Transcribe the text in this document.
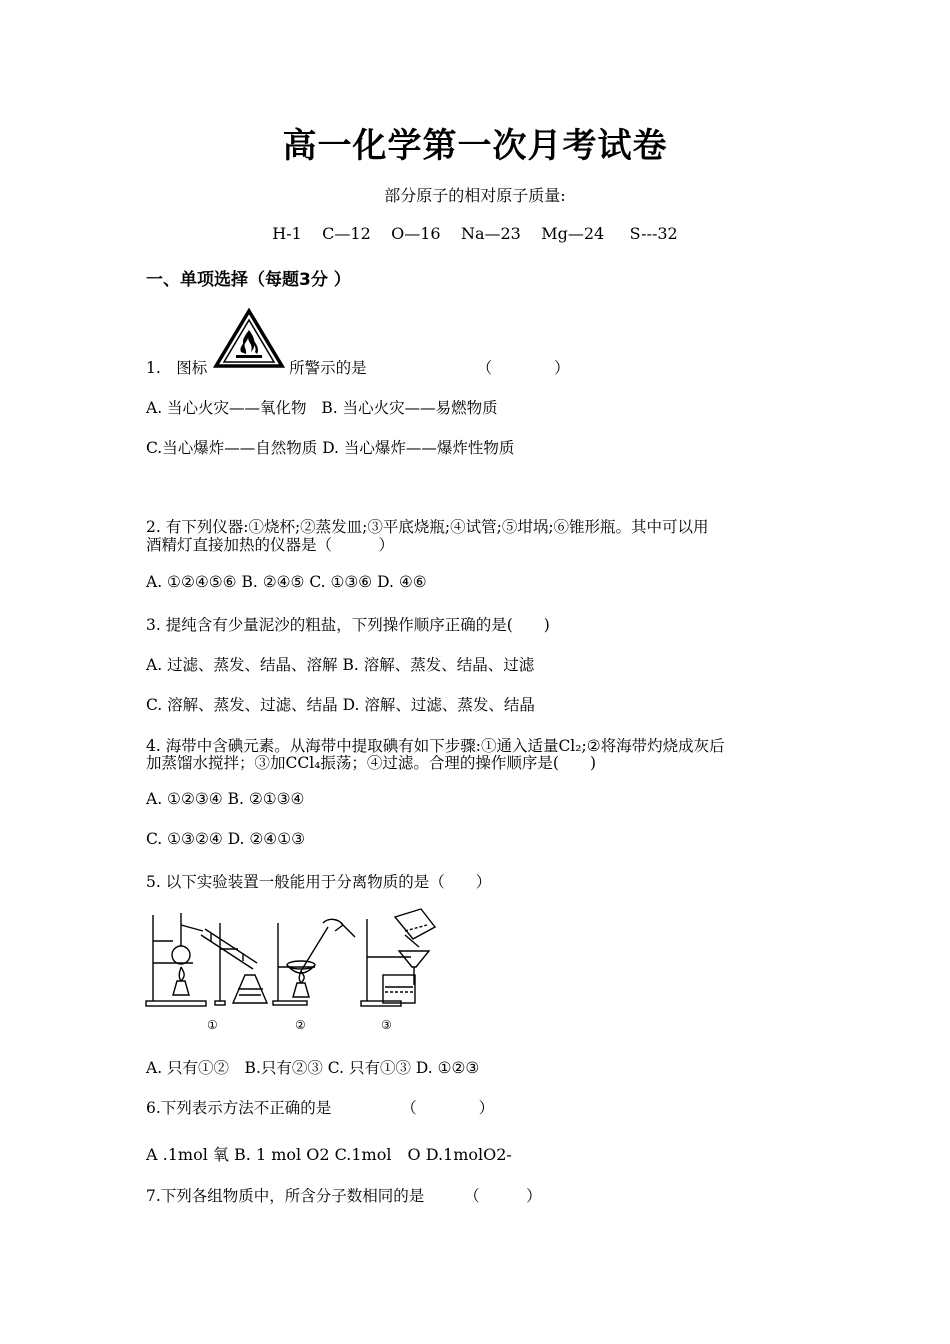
高一化学第一次月考试卷
部分原子的相对原子质量:
H-1 C—12 O—16 Na—23 Mg—24 S---32
一、单项选择（每题3分 ）
1.　图标	所警示的是	（　　　　）
A. 当心火灾——氧化物 B. 当心火灾——易燃物质
C.当心爆炸——自然物质 D. 当心爆炸——爆炸性物质
2. 有下列仪器:①烧杯;②蒸发皿;③平底烧瓶;④试管;⑤坩埚;⑥锥形瓶。其中可以用
酒精灯直接加热的仪器是（　　　）
A. ①②④⑤⑥ B. ②④⑤ C. ①③⑥ D. ④⑥
3. 提纯含有少量泥沙的粗盐，下列操作顺序正确的是(　　)
A. 过滤、蒸发、结晶、溶解 B. 溶解、蒸发、结晶、过滤
C. 溶解、蒸发、过滤、结晶 D. 溶解、过滤、蒸发、结晶
4. 海带中含碘元素。从海带中提取碘有如下步骤:①通入适量Cl₂;②将海带灼烧成灰后
加蒸馏水搅拌；③加CCl₄振荡；④过滤。合理的操作顺序是(　　)
A. ①②③④ B. ②①③④
C. ①③②④ D. ②④①③
5. 以下实验装置一般能用于分离物质的是（　　）
①	②	③
A. 只有①②　B.只有②③ C. 只有①③ D. ①②③
6.下列表示方法不正确的是	（　　　　）
A .1mol 氧 B. 1 mol O2 C.1mol　O D.1molO2-
7.下列各组物质中，所含分子数相同的是	（　　　）
